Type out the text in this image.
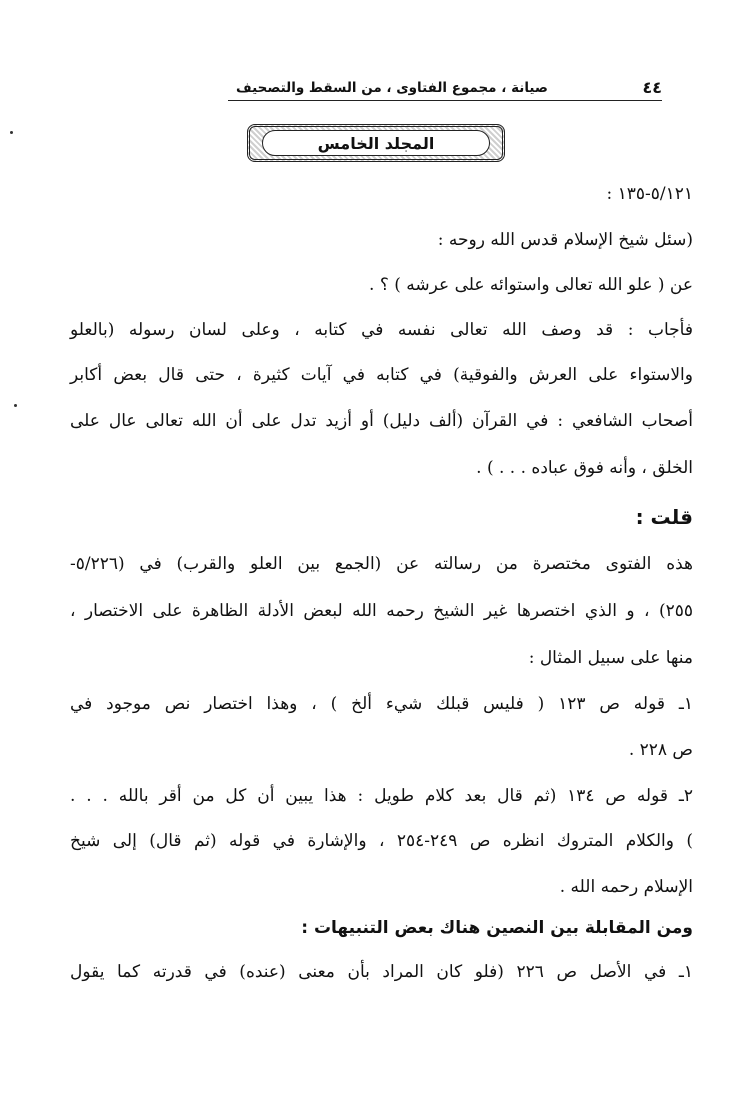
٤٤
صيانة ، مجموع الفتاوى ، من السقط والتصحيف
المجلد الخامس
٥/١٢١-١٣٥ :
(سئل شيخ الإسلام قدس الله روحه :
عن ( علو الله تعالى واستوائه على عرشه ) ؟ .
فأجاب : قد وصف الله تعالى نفسه في كتابه ، وعلى لسان رسوله (بالعلو
والاستواء على العرش والفوقية) في كتابه في آيات كثيرة ، حتى قال بعض أكابر
أصحاب الشافعي : في القرآن (ألف دليل) أو أزيد تدل على أن الله تعالى عال على
الخلق ، وأنه فوق عباده . . . ) .
قلت :
هذه الفتوى مختصرة من رسالته عن (الجمع بين العلو والقرب) في (٥/٢٢٦-
٢٥٥) ، و الذي اختصرها غير الشيخ رحمه الله لبعض الأدلة الظاهرة على الاختصار ،
منها على سبيل المثال :
١ـ قوله ص ١٢٣ ( فليس قبلك شيء ألخ ) ، وهذا اختصار نص موجود في
ص ٢٢٨ .
٢ـ قوله ص ١٣٤ (ثم قال بعد كلام طويل : هذا يبين أن كل من أقر بالله . . .
) والكلام المتروك انظره ص ٢٤٩-٢٥٤ ، والإشارة في قوله (ثم قال) إلى شيخ
الإسلام رحمه الله .
ومن المقابلة بين النصين هناك بعض التنبيهات :
١ـ في الأصل ص ٢٢٦ (فلو كان المراد بأن معنى (عنده) في قدرته كما يقول
